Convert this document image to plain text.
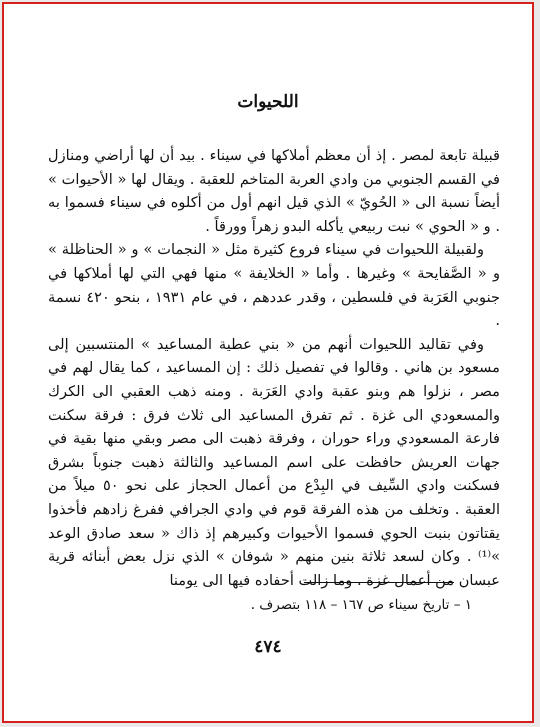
اللحيوات

قبيلة تابعة لمصر . إذ أن معظم أملاكها في سيناء . بيد أن لها أراضي ومنازل في القسم الجنوبي من وادي العربة المتاخم للعقبة . ويقال لها « الأحيوات » أيضاً نسبة الى « الحُويّ » الذي قيل انهم أول من أكلوه في سيناء فسموا به . و « الحوي » نبت ربيعي يأكله البدو زهراً وورقاً .

ولقبيلة اللحيوات في سيناء فروع كثيرة مثل « النجمات » و « الحناظلة » و « الصَّفايحة » وغيرها . وأما « الخلايفة » منها فهي التي لها أملاكها في جنوبي العَرَبة في فلسطين ، وقدر عددهم ، في عام ١٩٣١ ، بنحو ٤٢٠ نسمة .

وفي تقاليد اللحيوات أنهم من « بني عطية المساعيد » المنتسبين إلى مسعود بن هاني . وقالوا في تفصيل ذلك : إن المساعيد ، كما يقال لهم في مصر ، نزلوا هم وبنو عقبة وادي العَرَبة . ومنه ذهب العقبي الى الكرك والمسعودي الى غزة . ثم تفرق المساعيد الى ثلاث فرق : فرقة سكنت فارعة المسعودي وراء حوران ، وفرقة ذهبت الى مصر وبقي منها بقية في جهات العريش حافظت على اسم المساعيد والثالثة ذهبت جنوباً بشرق فسكنت وادي السِّيف في البِدْع من أعمال الحجاز على نحو ٥٠ ميلاً من العقبة . وتخلف من هذه الفرقة قوم في وادي الجرافي ففرغ زادهم فأخذوا يقتاتون بنبت الحوي فسموا الأحيوات وكبيرهم إذ ذاك « سعد صادق الوعد »⁽¹⁾ . وكان لسعد ثلاثة بنين منهم « شوفان » الذي نزل بعض أبنائه قرية عبسان من أعمال غزة . وما زالت أحفاده فيها الى يومنا

١ – تاريخ سيناء ص ١٦٧ – ١١٨ بتصرف .
٤٧٤
